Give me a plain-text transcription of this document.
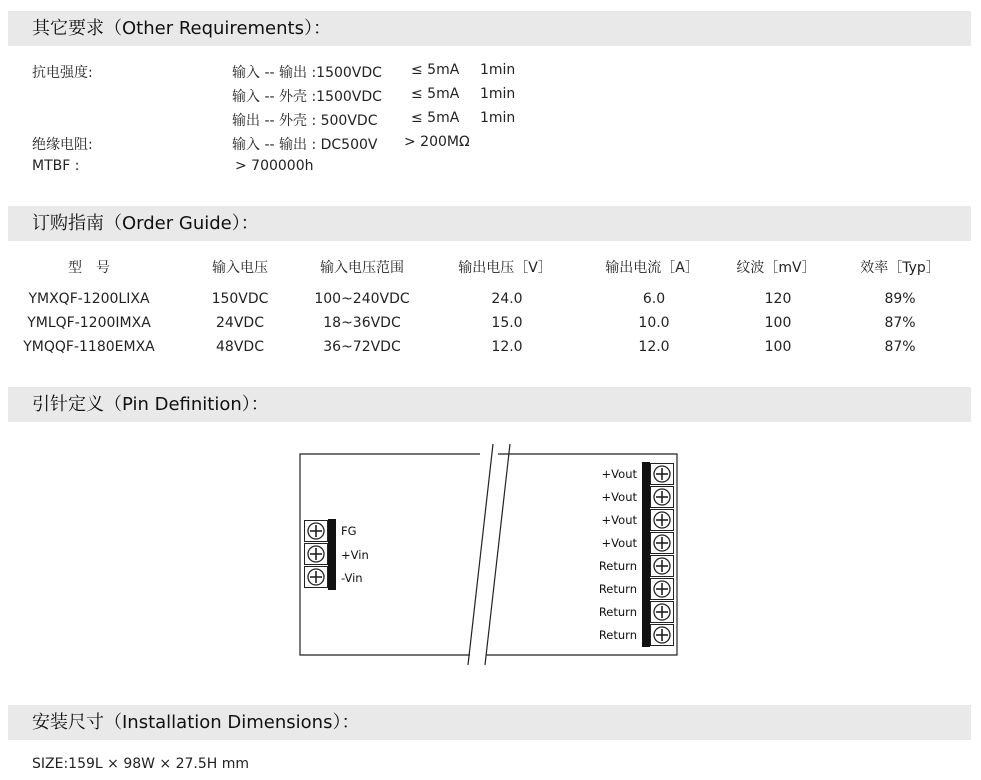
其它要求（Other Requirements）：
抗电强度:	输入 -- 输出 :1500VDC ≤ 5mA 1min
输入 -- 外壳 :1500VDC ≤ 5mA 1min
输出 -- 外壳 : 500VDC ≤ 5mA 1min
绝缘电阻:	输入 -- 输出 : DC500V > 200MΩ
MTBF :	> 700000h
订购指南（Order Guide）：
型　号	输入电压	输入电压范围	输出电压［V］	输出电流［A］	纹波［mV］	效率［Typ］
YMXQF-1200LIXA	150VDC	100~240VDC	24.0	6.0	120	89%
YMLQF-1200IMXA	24VDC	18~36VDC	15.0	10.0	100	87%
YMQQF-1180EMXA	48VDC	36~72VDC	12.0	12.0	100	87%
引针定义（Pin Definition）：
FG
+Vin
-Vin
+Vout
+Vout
+Vout
+Vout
Return
Return
Return
Return
安装尺寸（Installation Dimensions）：
SIZE:159L × 98W × 27.5H mm
